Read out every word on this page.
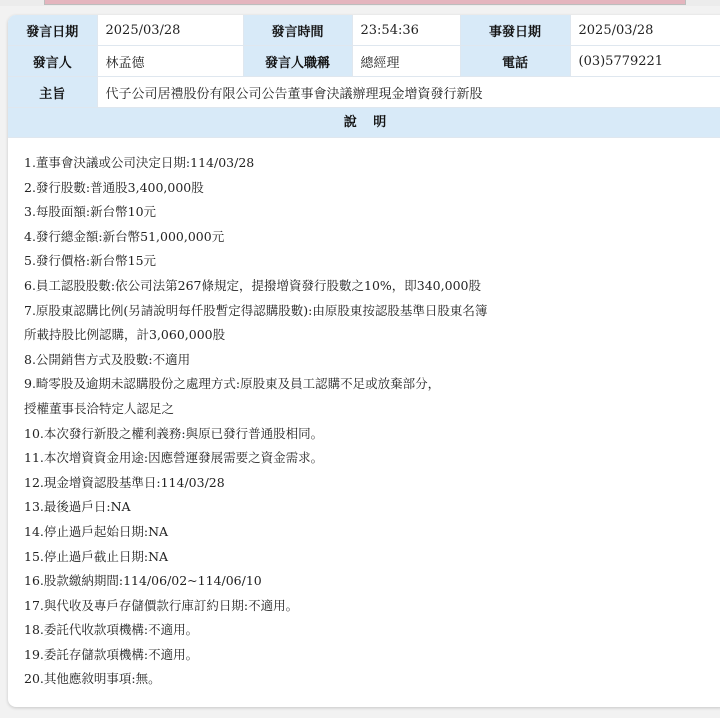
發言日期	2025/03/28	發言時間	23:54:36	事發日期	2025/03/28
發言人	林孟德	發言人職稱	總經理	電話	(03)5779221
主旨	代子公司居禮股份有限公司公告董事會決議辦理現金增資發行新股				
說 明
1.董事會決議或公司決定日期:114/03/28
2.發行股數:普通股3,400,000股
3.每股面額:新台幣10元
4.發行總金額:新台幣51,000,000元
5.發行價格:新台幣15元
6.員工認股股數:依公司法第267條規定，提撥增資發行股數之10%，即340,000股
7.原股東認購比例(另請說明每仟股暫定得認購股數):由原股東按認股基準日股東名簿
所載持股比例認購，計3,060,000股
8.公開銷售方式及股數:不適用
9.畸零股及逾期未認購股份之處理方式:原股東及員工認購不足或放棄部分，
授權董事長洽特定人認足之
10.本次發行新股之權利義務:與原已發行普通股相同。
11.本次增資資金用途:因應營運發展需要之資金需求。
12.現金增資認股基準日:114/03/28
13.最後過戶日:NA
14.停止過戶起始日期:NA
15.停止過戶截止日期:NA
16.股款繳納期間:114/06/02~114/06/10
17.與代收及專戶存儲價款行庫訂約日期:不適用。
18.委託代收款項機構:不適用。
19.委託存儲款項機構:不適用。
20.其他應敘明事項:無。
